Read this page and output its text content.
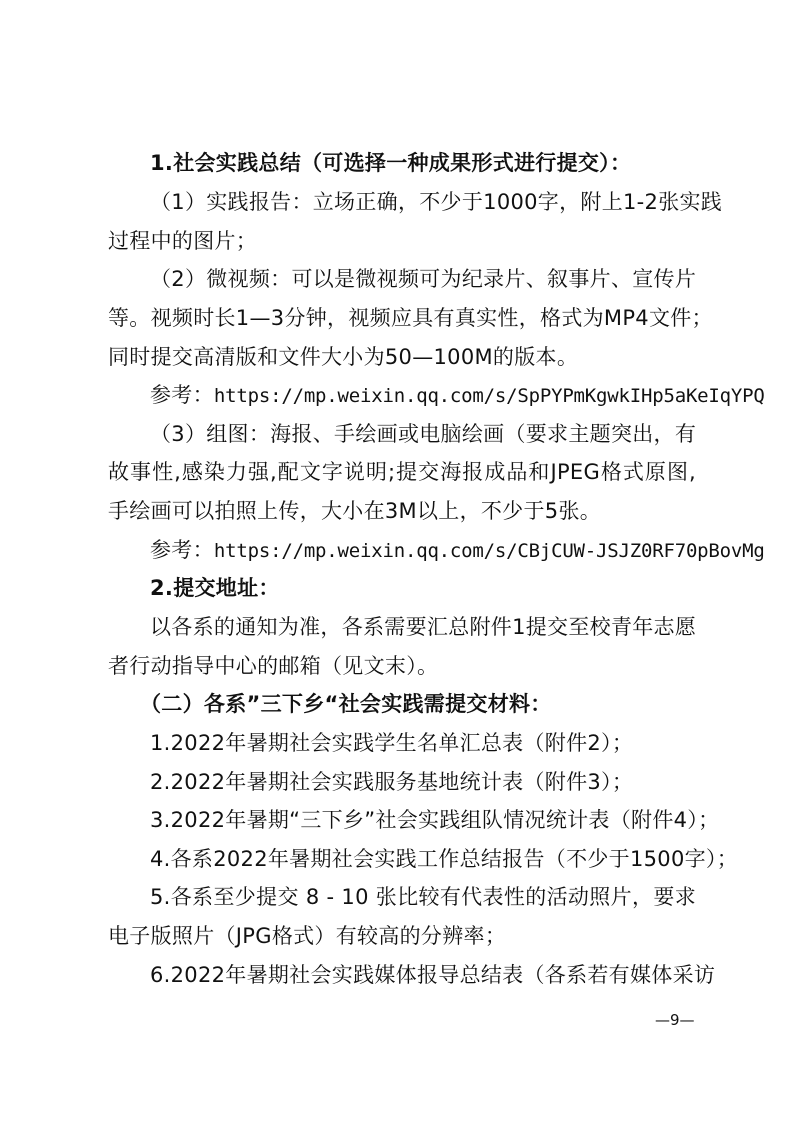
1.社会实践总结（可选择一种成果形式进行提交）：
（1）实践报告：立场正确，不少于1000字，附上1-2张实践
过程中的图片；
（2）微视频：可以是微视频可为纪录片、叙事片、宣传片
等。视频时长1—3分钟，视频应具有真实性，格式为MP4文件；
同时提交高清版和文件大小为50—100M的版本。
参考：https://mp.weixin.qq.com/s/SpPYPmKgwkIHp5aKeIqYPQ
（3）组图：海报、手绘画或电脑绘画（要求主题突出，有
故事性,感染力强,配文字说明;提交海报成品和JPEG格式原图,
手绘画可以拍照上传，大小在3M以上，不少于5张。
参考：https://mp.weixin.qq.com/s/CBjCUW-JSJZ0RF70pBovMg
2.提交地址：
以各系的通知为准，各系需要汇总附件1提交至校青年志愿
者行动指导中心的邮箱（见文末）。
（二）各系”三下乡“社会实践需提交材料：
1.2022年暑期社会实践学生名单汇总表（附件2）；
2.2022年暑期社会实践服务基地统计表（附件3）；
3.2022年暑期“三下乡”社会实践组队情况统计表（附件4）；
4.各系2022年暑期社会实践工作总结报告（不少于1500字）；
5.各系至少提交 8 - 10 张比较有代表性的活动照片，要求
电子版照片（JPG格式）有较高的分辨率；
6.2022年暑期社会实践媒体报导总结表（各系若有媒体采访
—9—
